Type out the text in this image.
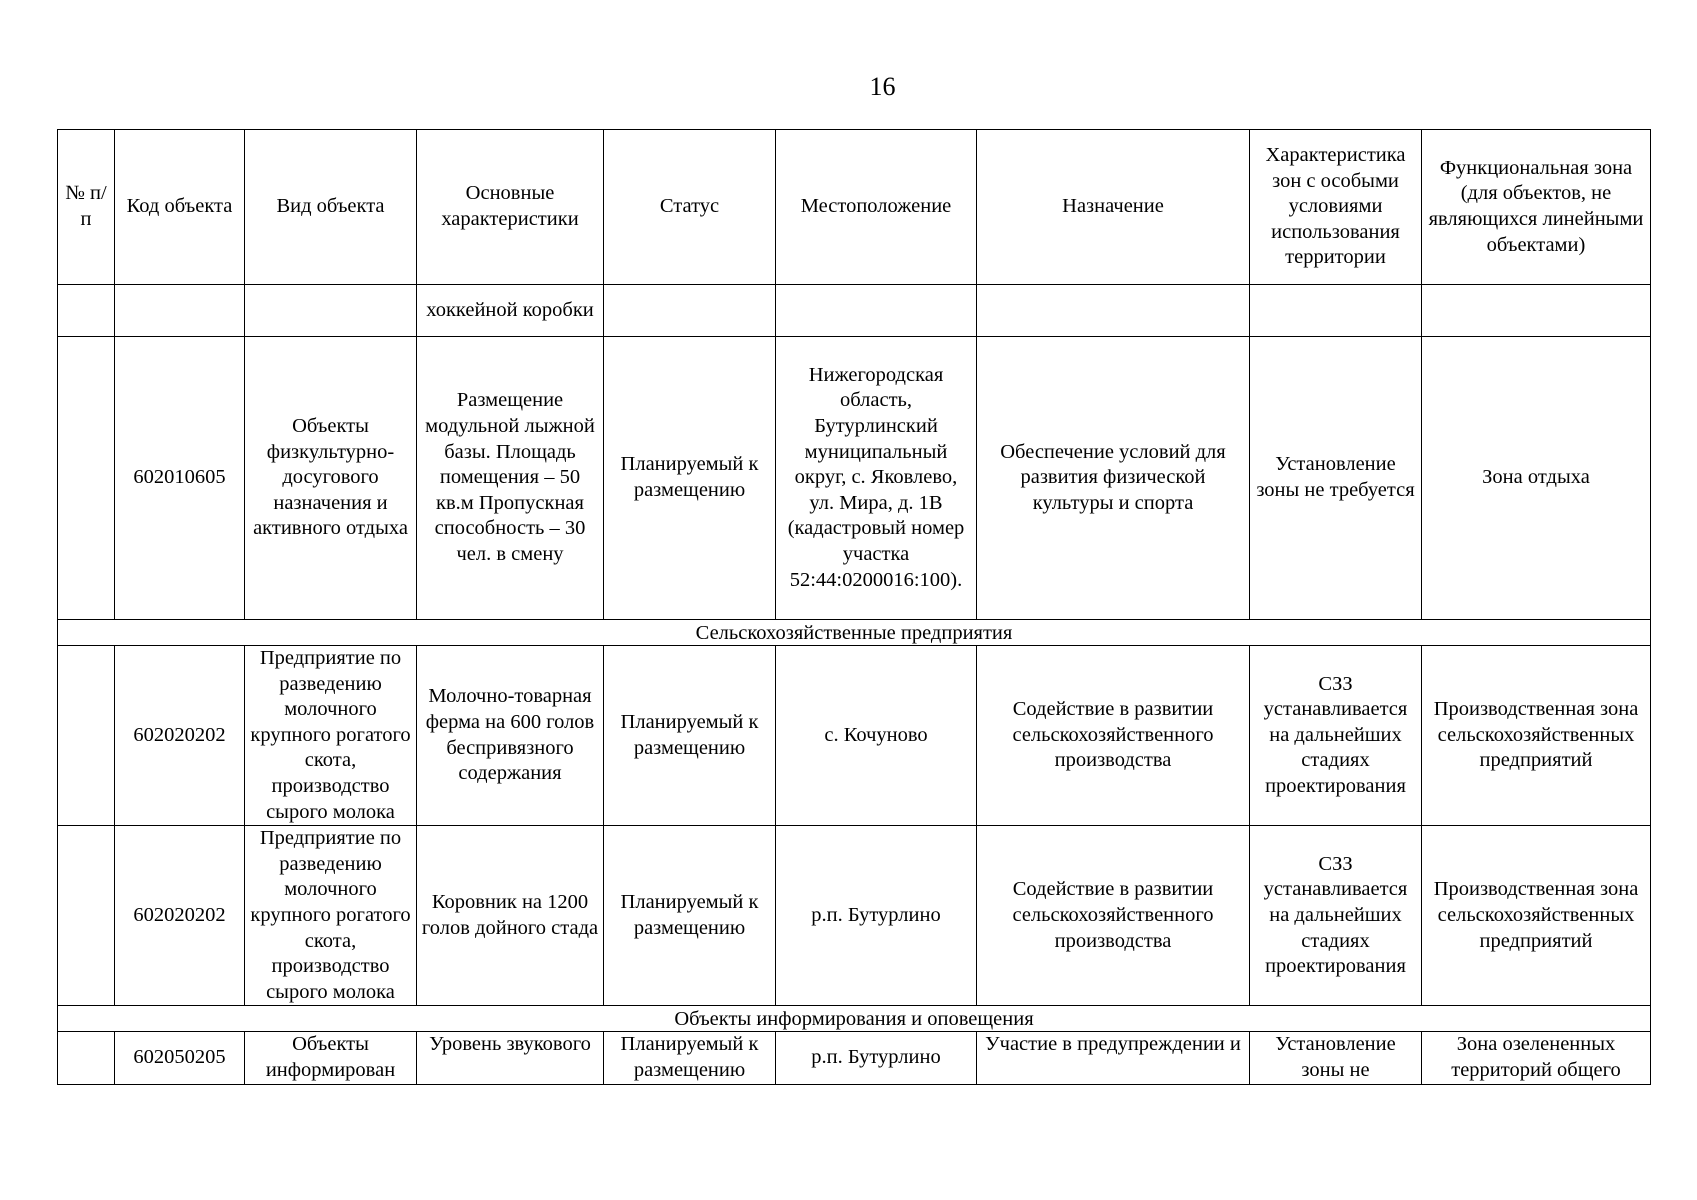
16
№ п/п	Код объекта	Вид объекта	Основные характеристики	Статус	Местоположение	Назначение	Характеристика зон с особыми условиями использования территории	Функциональная зона (для объектов, не являющихся линейными объектами)
			хоккейной коробки					
	602010605	Объекты физкультурно-досугового назначения и активного отдыха	Размещение модульной лыжной базы. Площадь помещения – 50 кв.м Пропускная способность – 30 чел. в смену	Планируемый к размещению	Нижегородская область, Бутурлинский муниципальный округ, с. Яковлево, ул. Мира, д. 1В (кадастровый номер участка 52:44:0200016:100).	Обеспечение условий для развития физической культуры и спорта	Установление зоны не требуется	Зона отдыха
Сельскохозяйственные предприятия								
	602020202	Предприятие по разведению молочного крупного рогатого скота, производство сырого молока	Молочно-товарная ферма на 600 голов беспривязного содержания	Планируемый к размещению	с. Кочуново	Содействие в развитии сельскохозяйственного производства	СЗЗ устанавливается на дальнейших стадиях проектирования	Производственная зона сельскохозяйственных предприятий
	602020202	Предприятие по разведению молочного крупного рогатого скота, производство сырого молока	Коровник на 1200 голов дойного стада	Планируемый к размещению	р.п. Бутурлино	Содействие в развитии сельскохозяйственного производства	СЗЗ устанавливается на дальнейших стадиях проектирования	Производственная зона сельскохозяйственных предприятий
Объекты информирования и оповещения								
	602050205	Объекты информирован	Уровень звукового	Планируемый к размещению	р.п. Бутурлино	Участие в предупреждении и	Установление зоны не	Зона озелененных территорий общего
